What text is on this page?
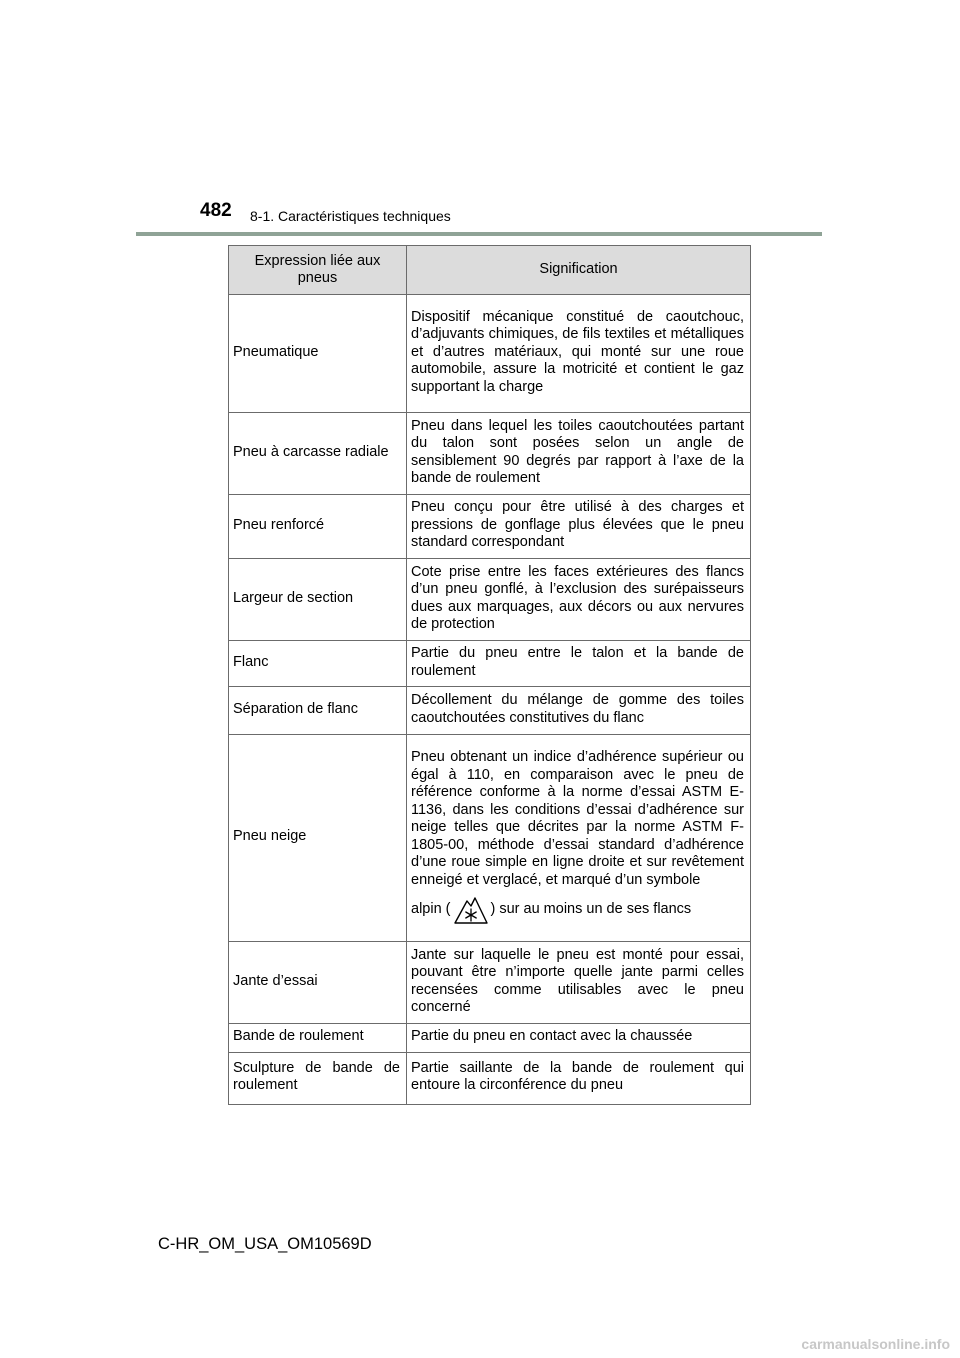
482 8-1. Caractéristiques techniques
Expression liée aux pneus	Signification
Pneumatique	Dispositif mécanique constitué de caoutchouc, d’adjuvants chimiques, de fils textiles et métalliques et d’autres matériaux, qui monté sur une roue automobile, assure la motricité et contient le gaz supportant la charge
Pneu à carcasse radiale	Pneu dans lequel les toiles caoutchoutées partant du talon sont posées selon un angle de sensiblement 90 degrés par rapport à l’axe de la bande de roulement
Pneu renforcé	Pneu conçu pour être utilisé à des charges et pressions de gonflage plus élevées que le pneu standard correspondant
Largeur de section	Cote prise entre les faces extérieures des flancs d’un pneu gonflé, à l’exclusion des surépaisseurs dues aux marquages, aux décors ou aux nervures de protection
Flanc	Partie du pneu entre le talon et la bande de roulement
Séparation de flanc	Décollement du mélange de gomme des toiles caoutchoutées constitutives du flanc
Pneu neige	Pneu obtenant un indice d’adhérence supérieur ou égal à 110, en comparaison avec le pneu de référence conforme à la norme d’essai ASTM E-1136, dans les conditions d’essai d’adhérence sur neige telles que décrites par la norme ASTM F-1805-00, méthode d’essai standard d’adhérence d’une roue simple en ligne droite et sur revêtement enneigé et verglacé, et marqué d’un symbole
alpin ( ) sur au moins un de ses flancs

Jante d’essai	Jante sur laquelle le pneu est monté pour essai, pouvant être n’importe quelle jante parmi celles recensées comme utilisables avec le pneu concerné
Bande de roulement	Partie du pneu en contact avec la chaussée
Sculpture de bande de roulement	Partie saillante de la bande de roulement qui entoure la circonférence du pneu
C-HR_OM_USA_OM10569D
carmanualsonline.info
